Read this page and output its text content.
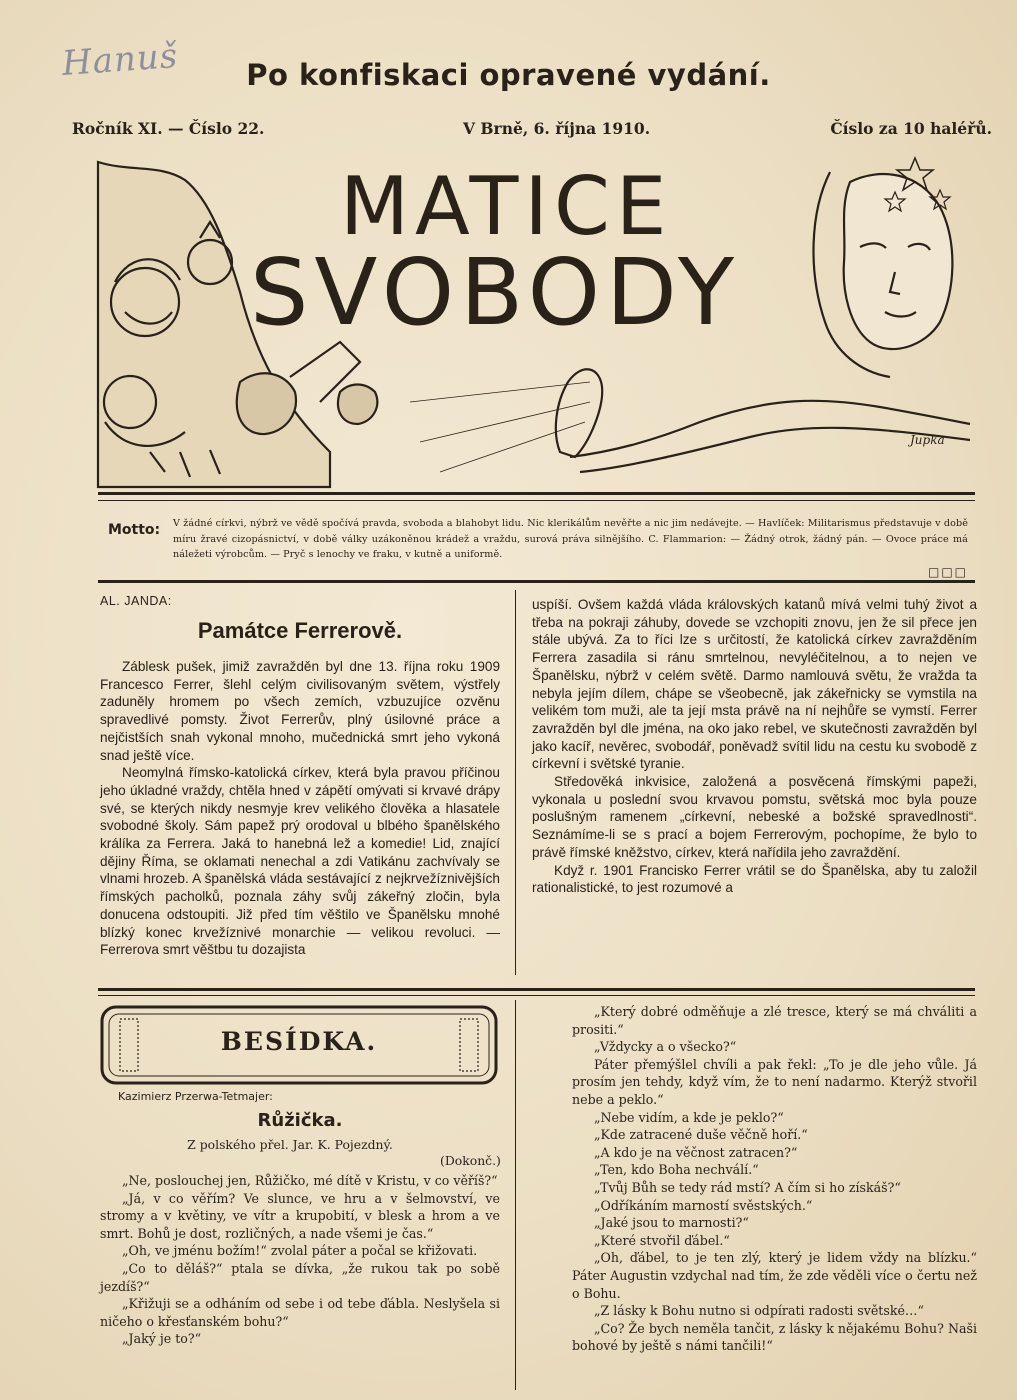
Hanuš	Po konfiskaci opravené vydání.
Ročník XI. — Číslo 22.	V Brně, 6. října 1910.	Číslo za 10 haléřů.
MATICE
SVOBODY
Jupka
Motto: V žádné církvi, nýbrž ve vědě spočívá pravda, svoboda a blahobyt lidu. Nic klerikálům nevěřte a nic jim nedávejte. — Havlíček: Militarismus představuje v době míru žravé cizopásnictví, v době války uzákoněnou krádež a vraždu, surová práva silnějšího. C. Flammarion: — Žádný otrok, žádný pán. — Ovoce práce má náležeti výrobcům. — Pryč s lenochy ve fraku, v kutně a uniformě.
□□□
AL. JANDA:
Památce Ferrerově.

Záblesk pušek, jimiž zavražděn byl dne 13. října roku 1909 Francesco Ferrer, šlehl celým civilisovaným světem, výstřely zaduněly hromem po všech zemích, vzbuzujíce ozvěnu spravedlivé pomsty. Život Ferrerův, plný úsilovné práce a nejčistších snah vykonal mnoho, mučednická smrt jeho vykoná snad ještě více.

Neomylná římsko-katolická církev, která byla pravou příčinou jeho úkladné vraždy, chtěla hned v zápětí omývati si krvavé drápy své, se kterých nikdy nesmyje krev velikého člověka a hlasatele svobodné školy. Sám papež prý orodoval u blbého španělského králíka za Ferrera. Jaká to hanebná lež a komedie! Lid, znající dějiny Říma, se oklamati nenechal a zdi Vatikánu zachvívaly se vlnami hrozeb. A španělská vláda sestávající z nejkrvežíznivějších římských pacholků, poznala záhy svůj zákeřný zločin, byla donucena odstoupiti. Již před tím věštilo ve Španělsku mnohé blízký konec krvežíznivé monarchie — velikou revoluci. — Ferrerova smrt věštbu tu dozajista

uspíší. Ovšem každá vláda královských katanů mívá velmi tuhý život a třeba na pokraji záhuby, dovede se vzchopiti znovu, jen že sil přece jen stále ubývá. Za to říci lze s určitostí, že katolická církev zavražděním Ferrera zasadila si ránu smrtelnou, nevyléčitelnou, a to nejen ve Španělsku, nýbrž v celém světě. Darmo namlouvá světu, že vražda ta nebyla jejím dílem, chápe se všeobecně, jak zákeřnicky se vymstila na velikém tom muži, ale ta její msta právě na ní nejhůře se vymstí. Ferrer zavražděn byl dle jména, na oko jako rebel, ve skutečnosti zavražděn byl jako kacíř, nevěrec, svobodář, poněvadž svítil lidu na cestu ku svobodě z církevní i světské tyranie.

Středověká inkvisice, založená a posvěcená římskými papeži, vykonala u poslední svou krvavou pomstu, světská moc byla pouze poslušným ramenem „církevní, nebeské a božské spravedlnosti“. Seznámíme-li se s prací a bojem Ferrerovým, pochopíme, že bylo to právě římské kněžstvo, církev, která nařídila jeho zavraždění.

Když r. 1901 Francisko Ferrer vrátil se do Španělska, aby tu založil rationalistické, to jest rozumové a

BESÍDKA.
Kazimierz Przerwa-Tetmajer:
Růžička.
Z polského přel. Jar. K. Pojezdný.
(Dokonč.)

„Ne, poslouchej jen, Růžičko, mé dítě v Kristu, v co věříš?“

„Já, v co věřím? Ve slunce, ve hru a v šelmovství, ve stromy a v květiny, ve vítr a krupobití, v blesk a hrom a ve smrt. Bohů je dost, rozličných, a nade všemi je čas.“

„Oh, ve jménu božím!“ zvolal páter a počal se křižovati.

„Co to děláš?“ ptala se dívka, „že rukou tak po sobě jezdíš?“

„Křižuji se a odháním od sebe i od tebe ďábla. Neslyšela si ničeho o křesťanském bohu?“

„Jaký je to?“

„Který dobré odměňuje a zlé tresce, který se má chváliti a prositi.“

„Vždycky a o všecko?“

Páter přemýšlel chvíli a pak řekl: „To je dle jeho vůle. Já prosím jen tehdy, když vím, že to není nadarmo. Kterýž stvořil nebe a peklo.“

„Nebe vidím, a kde je peklo?“

„Kde zatracené duše věčně hoří.“

„A kdo je na věčnost zatracen?“

„Ten, kdo Boha nechválí.“

„Tvůj Bůh se tedy rád mstí? A čím si ho získáš?“

„Odříkáním marností svěstských.“

„Jaké jsou to marnosti?“

„Které stvořil ďábel.“

„Oh, ďábel, to je ten zlý, který je lidem vždy na blízku.“ Páter Augustin vzdychal nad tím, že zde věděli více o čertu než o Bohu.

„Z lásky k Bohu nutno si odpírati radosti světské…“

„Co? Že bych neměla tančit, z lásky k nějakému Bohu? Naši bohové by ještě s námi tančili!“
